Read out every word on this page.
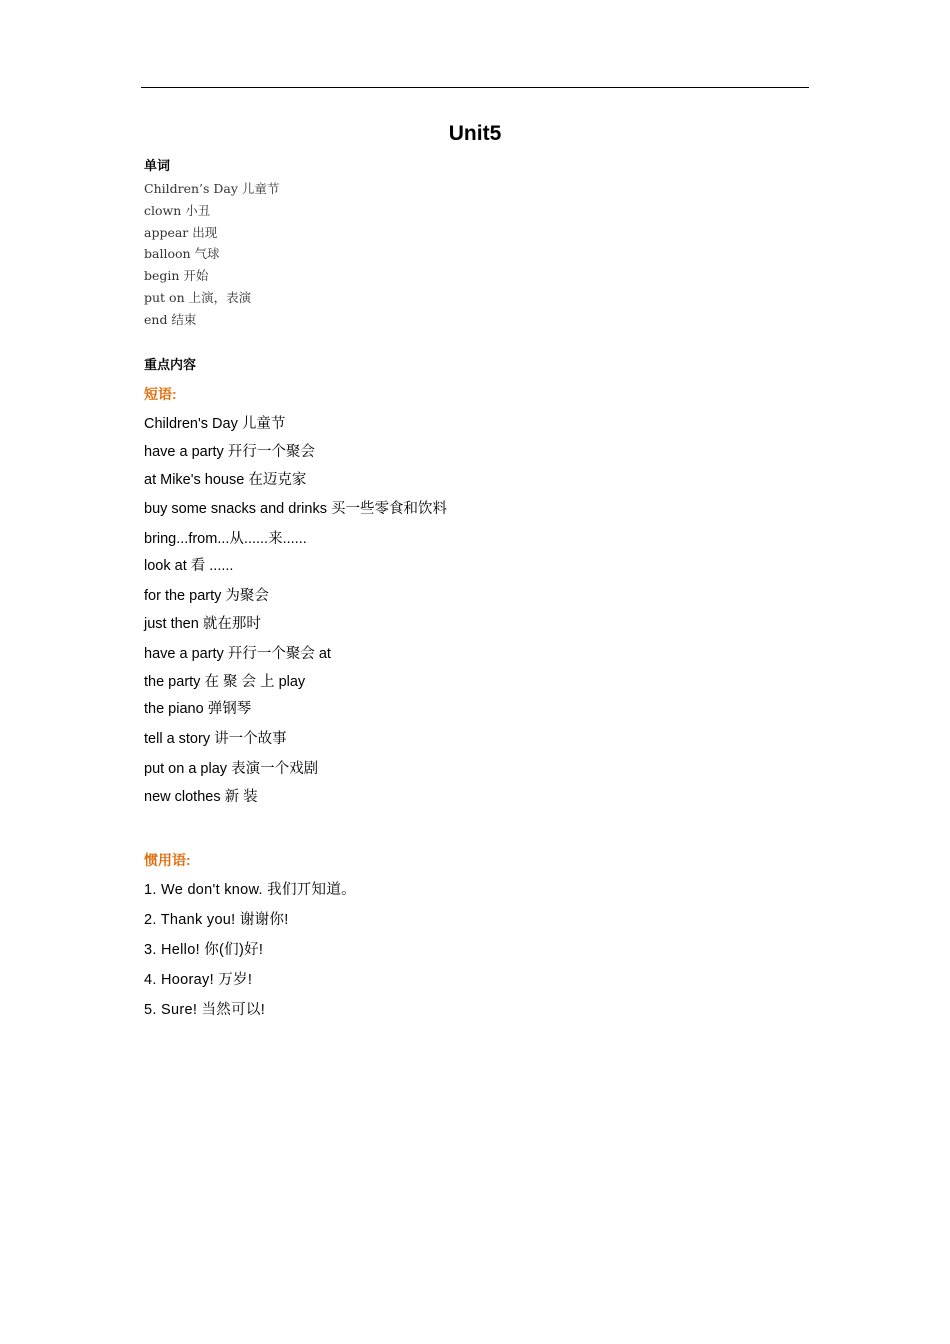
Unit5
单词
Children’s Day 儿童节
clown 小丑
appear 出现
balloon 气球
begin 开始
put on 上演，表演
end 结束
重点内容
短语:
Children's Day 儿童节
have a party 幵行一个聚会
at Mike's house 在迈克家
buy some snacks and drinks 买一些零食和饮料
bring...from...从......来......
look at 看 ......
for the party 为聚会
just then 就在那时
have a party 幵行一个聚会 at
the party 在 聚 会 上 play
the piano 弹钢琴
tell a story 讲一个故事
put on a play 表演一个戏剧
new clothes 新 装
惯用语:
1. We don't know. 我们丌知道。
2. Thank you! 谢谢你!
3. Hello! 你(们)好!
4. Hooray! 万岁!
5. Sure! 当然可以!
